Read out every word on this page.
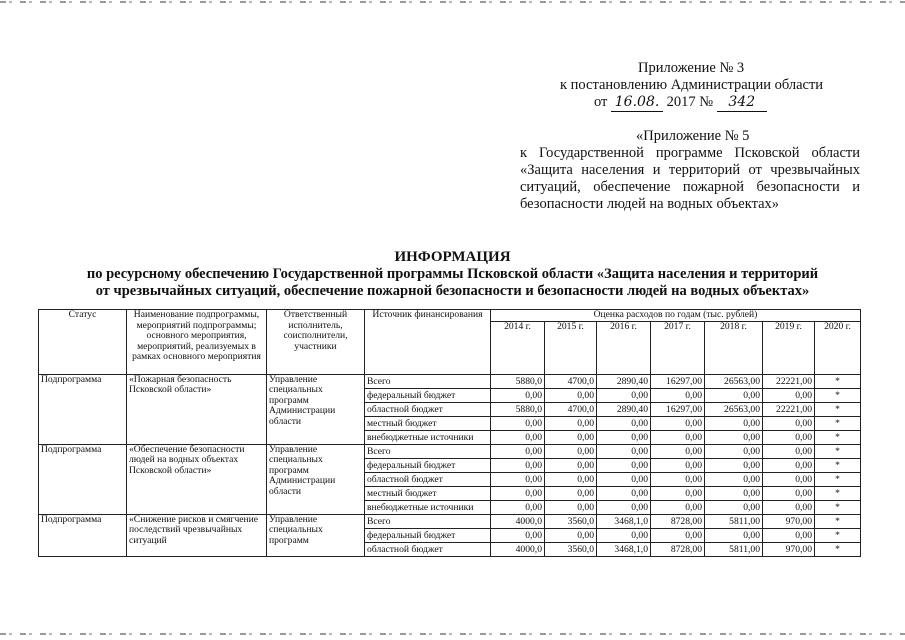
Приложение № 3
к постановлению Администрации области
от 16.08. 2017 № 342
«Приложение № 5
к Государственной программе Псковской области «Защита населения и территорий от чрезвычайных ситуаций, обеспечение пожарной безопасности и безопасности людей на водных объектах»
ИНФОРМАЦИЯ
по ресурсному обеспечению Государственной программы Псковской области «Защита населения и территорий
от чрезвычайных ситуаций, обеспечение пожарной безопасности и безопасности людей на водных объектах»
Статус	Наименование подпрограммы, мероприятий подпрограммы; основного мероприятия, мероприятий, реализуемых в рамках основного мероприятия	Ответственный исполнитель, соисполнители, участники	Источник финансирования	Оценка расходов по годам (тыс. рублей)						
				2014 г.	2015 г.	2016 г.	2017 г.	2018 г.	2019 г.	2020 г.
Подпрограмма	«Пожарная безопасность Псковской области»	Управление специальных программ Администрации области	Всего	5880,0	4700,0	2890,40	16297,00	26563,00	22221,00	*
			федеральный бюджет	0,00	0,00	0,00	0,00	0,00	0,00	*
			областной бюджет	5880,0	4700,0	2890,40	16297,00	26563,00	22221,00	*
			местный бюджет	0,00	0,00	0,00	0,00	0,00	0,00	*
			внебюджетные источники	0,00	0,00	0,00	0,00	0,00	0,00	*
Подпрограмма	«Обеспечение безопасности людей на водных объектах Псковской области»	Управление специальных программ Администрации области	Всего	0,00	0,00	0,00	0,00	0,00	0,00	*
			федеральный бюджет	0,00	0,00	0,00	0,00	0,00	0,00	*
			областной бюджет	0,00	0,00	0,00	0,00	0,00	0,00	*
			местный бюджет	0,00	0,00	0,00	0,00	0,00	0,00	*
			внебюджетные источники	0,00	0,00	0,00	0,00	0,00	0,00	*
Подпрограмма	«Снижение рисков и смягчение последствий чрезвычайных ситуаций	Управление специальных программ	Всего	4000,0	3560,0	3468,1,0	8728,00	5811,00	970,00	*
			федеральный бюджет	0,00	0,00	0,00	0,00	0,00	0,00	*
			областной бюджет	4000,0	3560,0	3468,1,0	8728,00	5811,00	970,00	*
